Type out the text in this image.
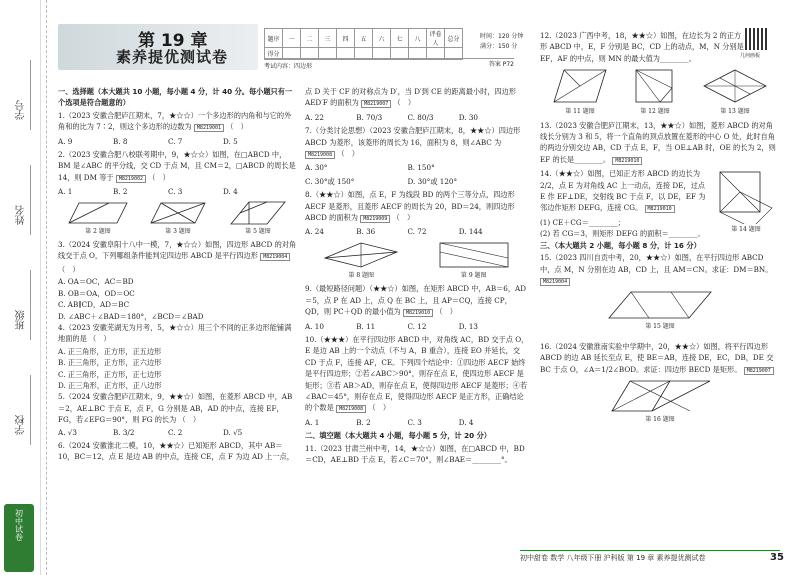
学号
姓名
班级
学校
初中试卷
第 19 章
素养提优测试卷
题序	一	二	三	四	五	六	七	八	评卷人	总分
得分										
时间：120 分钟
满分：150 分
考试内容：四边形	答案 P72
一、选择题（本大题共 10 小题，每小题 4 分，计 40 分。每小题只有一个选项是符合题意的）
1.（2023 安徽合肥庐江期末，7，★☆☆）一个多边形的内角和与它的外角和的比为 7∶2，则这个多边形的边数为 M8219001 （　）
A. 9	B. 8	C. 7	D. 5
2.（2023 安徽合肥八校联考期中，9，★☆☆）如图，在□ABCD 中，BM 是∠ABC 的平分线，交 CD 于点 M，且 CM＝2，□ABCD 的周长是 14，则 DM 等于 M8219002 （　）
A. 1	B. 2	C. 3	D. 4
第 2 题图	第 3 题图	第 5 题图
3.（2024 安徽阜阳十八中一模，7，★☆☆）如图，四边形 ABCD 的对角线交于点 O，下列哪组条件能判定四边形 ABCD 是平行四边形 M8219004 （　）
A. OA＝OC，AC＝BD
B. OB＝OA，OD＝OC
C. AB∥CD，AD＝BC
D. ∠ABC＋∠BAD＝180°，∠BCD＝∠BAD
4.（2023 安徽芜湖无为月考，5，★☆☆）用三个不同的正多边形能铺满地面的是 （　）
A. 正三角形，正方形，正五边形
B. 正三角形，正方形，正六边形
C. 正三角形，正方形，正七边形
D. 正三角形，正方形，正八边形
5.（2024 安徽合肥庐江期末，9，★★☆）如图，在菱形 ABCD 中，AB＝2，AE⊥BC 于点 E，点 F，G 分别是 AB，AD 的中点，连接 EF，FG，若∠EFG＝90°，则 FG 的长为 （　）
A. √3	B. 3/2	C. 2	D. √5
6.（2024 安徽淮北二模，10，★★☆）已知矩形 ABCD，其中 AB＝10，BC＝12，点 E 是边 AB 的中点，连接 CE，点 F 为边 AD 上一点，
点 D 关于 CF 的对称点为 D′，当 D′到 CE 的距离最小时，四边形 AED′F 的面积为 M8219007 （　）
A. 22	B. 70/3	C. 80/3	D. 30
7.（分类讨论思想）（2023 安徽合肥庐江期末，8，★★☆）四边形 ABCD 为菱形，该菱形的周长为 16，面积为 8，则∠ABC 为 M8219008 （　）
A. 30°	B. 150°
C. 30°或 150°	D. 30°或 120°
8.（★★☆）如图，点 E，F 为线段 BD 的两个三等分点，四边形 AECF 是菱形，且菱形 AECF 的周长为 20，BD＝24，则四边形 ABCD 的面积为 M8219009 （　）
A. 24	B. 36	C. 72	D. 144
第 8 题图	第 9 题图
9.（最短路径问题）（★★☆）如图，在矩形 ABCD 中，AB＝6，AD＝5，点 P 在 AD 上，点 Q 在 BC 上，且 AP＝CQ，连接 CP，QD，则 PC＋QD 的最小值为 M8219010 （　）
A. 10	B. 11	C. 12	D. 13
10.（★★★）在平行四边形 ABCD 中，对角线 AC，BD 交于点 O，E 是边 AB 上的一个动点（不与 A，B 重合），连接 EO 并延长，交 CD 于点 F，连接 AF，CE。下列四个结论中：①四边形 AECF 始终是平行四边形；②若∠ABC＞90°，则存在点 E，使四边形 AECF 是矩形；③若 AB＞AD，则存在点 E，使得四边形 AECF 是菱形；④若∠BAC＝45°，则存在点 E，使得四边形 AECF 是正方形，正确结论的个数是 M8219008 （　）
A. 1	B. 2	C. 3	D. 4
二、填空题（本大题共 4 小题，每小题 5 分，计 20 分）
11.（2023 甘肃兰州中考，14，★☆☆）如图，在□ABCD 中，BD＝CD，AE⊥BD 于点 E，若∠C＝70°，则∠BAE＝________°。
几何画板
12.（2023 广西中考，18，★★☆）如图，在边长为 2 的正方形 ABCD 中，E，F 分别是 BC，CD 上的动点，M，N 分别是 EF，AF 的中点，则 MN 的最大值为________。
第 11 题图	第 12 题图	第 13 题图
13.（2023 安徽合肥庐江期末，13，★★☆）如图，菱形 ABCD 的对角线长分别为 3 和 5，将一个直角的顶点放置在菱形的中心 O 处，此时自角的两边分别交边 AB，CD 于点 E，F，当 OE⊥AB 时，OE 的长为 2，则 EF 的长是________。 M8219010
14.（★★☆）如图，已知正方形 ABCD 的边长为 2/2，点 E 为对角线 AC 上一动点，连接 DE，过点 E 作 EF⊥DE，交射线 BC 于点 F，以 DE，EF 为邻边作矩形 DEFG，连接 CG。 M8219010
(1) CE＋CG＝________；
(2) 若 CG＝3，则矩形 DEFG 的面积＝________。	第 14 题图
三、（本大题共 2 小题，每小题 8 分，计 16 分）
15.（2023 四川自贡中考，20，★★☆）如图，在平行四边形 ABCD 中，点 M，N 分别在边 AB，CD 上，且 AM＝CN。求证：DM＝BN。 M8219004
第 15 题图
16.（2024 安徽淮南实验中学期中，20，★★☆）如图，将平行四边形 ABCD 的边 AB 延长至点 E，使 BE＝AB，连接 DE，EC，DB，DE 交 BC 于点 O，∠A＝1/2∠BOD。求证：四边形 BECD 是矩形。 M8219007
第 16 题图
初中甜卷 数学 八年级下册 沪科版 第 19 章 素养提优测试卷	35
